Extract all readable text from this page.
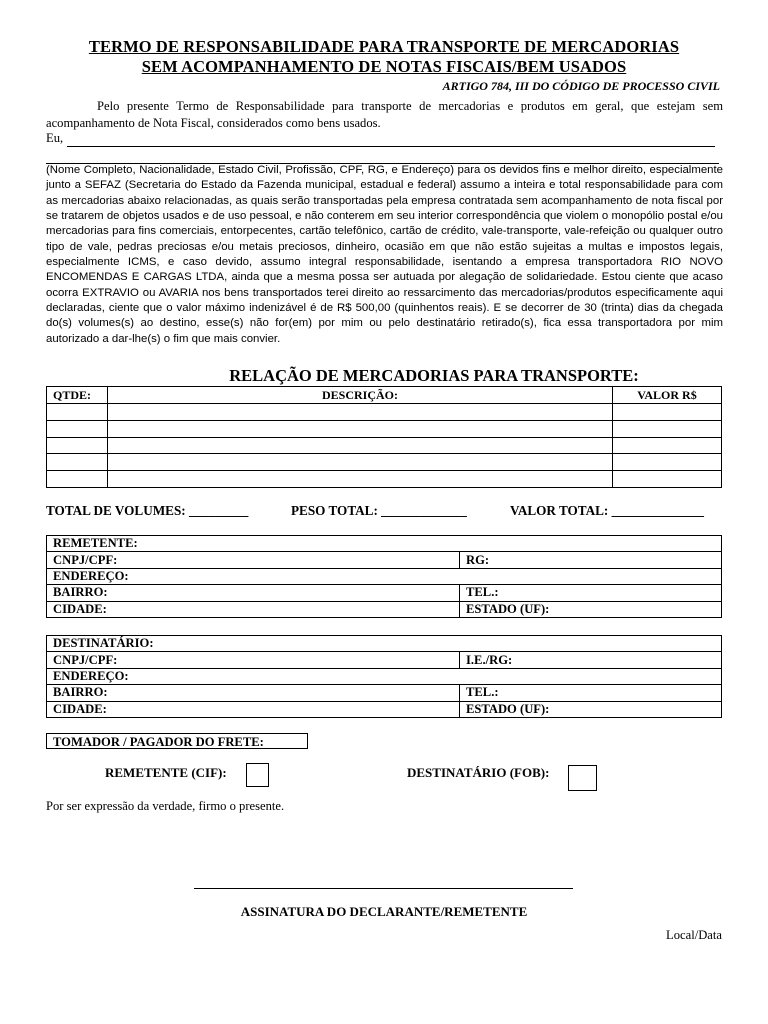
TERMO DE RESPONSABILIDADE PARA TRANSPORTE DE MERCADORIAS
SEM ACOMPANHAMENTO DE NOTAS FISCAIS/BEM USADOS
ARTIGO 784, III DO CÓDIGO DE PROCESSO CIVIL
Pelo presente Termo de Responsabilidade para transporte de mercadorias e produtos em geral, que estejam sem acompanhamento de Nota Fiscal, considerados como bens usados.
Eu,
(Nome Completo, Nacionalidade, Estado Civil, Profissão, CPF, RG, e Endereço) para os devidos fins e melhor direito, especialmente junto a SEFAZ (Secretaria do Estado da Fazenda municipal, estadual e federal) assumo a inteira e total responsabilidade para com as mercadorias abaixo relacionadas, as quais serão transportadas pela empresa contratada sem acompanhamento de nota fiscal por se tratarem de objetos usados e de uso pessoal, e não conterem em seu interior correspondência que violem o monopólio postal e/ou mercadorias para fins comerciais, entorpecentes, cartão telefônico, cartão de crédito, vale-transporte, vale-refeição ou qualquer outro tipo de vale, pedras preciosas e/ou metais preciosos, dinheiro, ocasião em que não estão sujeitas a multas e impostos legais, especialmente ICMS, e caso devido, assumo integral responsabilidade, isentando a empresa transportadora RIO NOVO ENCOMENDAS E CARGAS LTDA, ainda que a mesma possa ser autuada por alegação de solidariedade. Estou ciente que acaso ocorra EXTRAVIO ou AVARIA nos bens transportados terei direito ao ressarcimento das mercadorias/produtos especificamente aqui declaradas, ciente que o valor máximo indenizável é de R$ 500,00 (quinhentos reais). E se decorrer de 30 (trinta) dias da chegada do(s) volumes(s) ao destino, esse(s) não for(em) por mim ou pelo destinatário retirado(s), fica essa transportadora por mim autorizado a dar-lhe(s) o fim que mais convier.
RELAÇÃO DE MERCADORIAS PARA TRANSPORTE:
QTDE:	DESCRIÇÃO:	VALOR R$

TOTAL DE VOLUMES: _________	PESO TOTAL: _____________	VALOR TOTAL: ______________
REMETENTE:	
CNPJ/CPF:	RG:
ENDEREÇO:	
BAIRRO:	TEL.:
CIDADE:	ESTADO (UF):
DESTINATÁRIO:	
CNPJ/CPF:	I.E./RG:
ENDEREÇO:	
BAIRRO:	TEL.:
CIDADE:	ESTADO (UF):
TOMADOR / PAGADOR DO FRETE:
REMETENTE (CIF):	DESTINATÁRIO (FOB):
Por ser expressão da verdade, firmo o presente.
ASSINATURA DO DECLARANTE/REMETENTE
Local/Data
